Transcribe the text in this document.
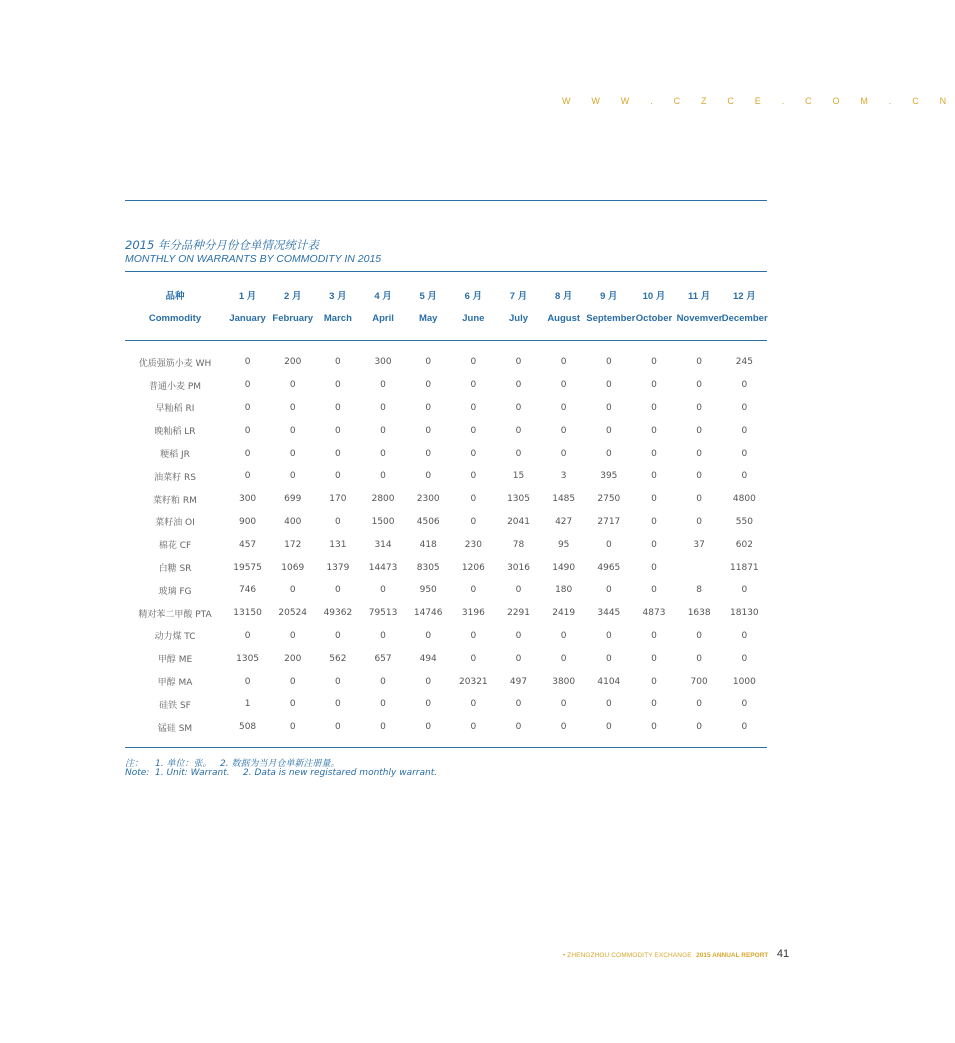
W W W . C Z C E . C O M . C N
2015 年分品种分月份仓单情况统计表
MONTHLY ON WARRANTS BY COMMODITY IN 2015
品种	1 月	2 月	3 月	4 月	5 月	6 月	7 月	8 月	9 月	10 月	11 月	12 月
Commodity	January	February	March	April	May	June	July	August	September	October	Novemver	December

优质强筋小麦 WH	0	200	0	300	0	0	0	0	0	0	0	245
普通小麦 PM	0	0	0	0	0	0	0	0	0	0	0	0
早籼稻 RI	0	0	0	0	0	0	0	0	0	0	0	0
晚籼稻 LR	0	0	0	0	0	0	0	0	0	0	0	0
粳稻 JR	0	0	0	0	0	0	0	0	0	0	0	0
油菜籽 RS	0	0	0	0	0	0	15	3	395	0	0	0
菜籽粕 RM	300	699	170	2800	2300	0	1305	1485	2750	0	0	4800
菜籽油 OI	900	400	0	1500	4506	0	2041	427	2717	0	0	550
棉花 CF	457	172	131	314	418	230	78	95	0	0	37	602
白糖 SR	19575	1069	1379	14473	8305	1206	3016	1490	4965	0		11871
玻璃 FG	746	0	0	0	950	0	0	180	0	0	8	0
精对苯二甲酸 PTA	13150	20524	49362	79513	14746	3196	2291	2419	3445	4873	1638	18130
动力煤 TC	0	0	0	0	0	0	0	0	0	0	0	0
甲醇 ME	1305	200	562	657	494	0	0	0	0	0	0	0
甲醇 MA	0	0	0	0	0	20321	497	3800	4104	0	700	1000
硅铁 SF	1	0	0	0	0	0	0	0	0	0	0	0
锰硅 SM	508	0	0	0	0	0	0	0	0	0	0	0
注： 1. 单位：张。 2. 数据为当月仓单新注册量。
Note: 1. Unit: Warrant. 2. Data is new registared monthly warrant.
• ZHENGZHOU COMMODITY EXCHANGE 2015 ANNUAL REPORT 41
